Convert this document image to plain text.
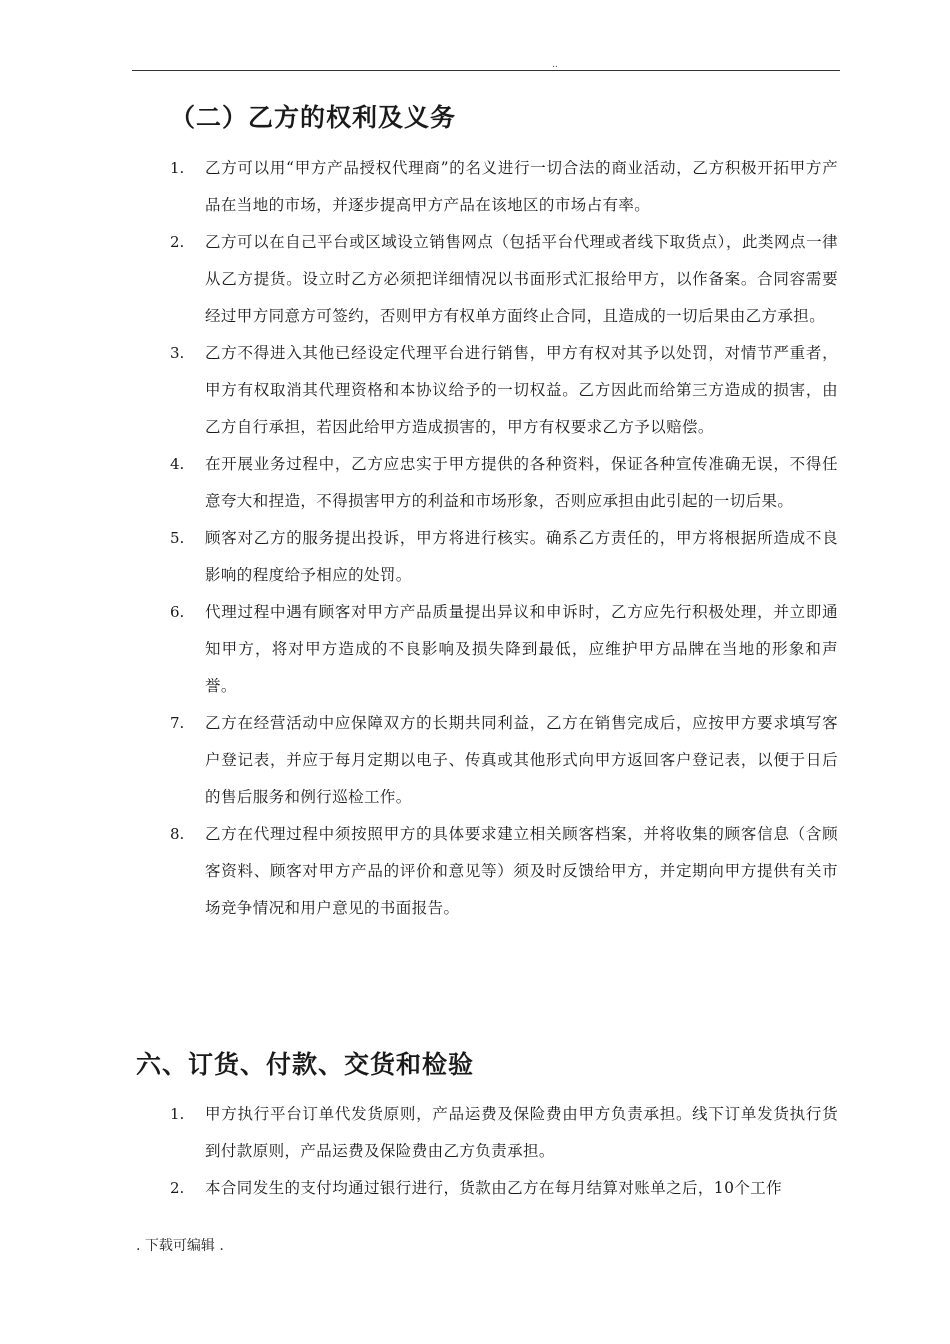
..
（二）乙方的权利及义务
1. 乙方可以用“甲方产品授权代理商”的名义进行一切合法的商业活动，乙方积极开拓甲方产品在当地的市场，并逐步提高甲方产品在该地区的市场占有率。
2. 乙方可以在自己平台或区域设立销售网点（包括平台代理或者线下取货点），此类网点一律从乙方提货。设立时乙方必须把详细情况以书面形式汇报给甲方，以作备案。合同容需要经过甲方同意方可签约，否则甲方有权单方面终止合同，且造成的一切后果由乙方承担。
3. 乙方不得进入其他已经设定代理平台进行销售，甲方有权对其予以处罚，对情节严重者，甲方有权取消其代理资格和本协议给予的一切权益。乙方因此而给第三方造成的损害，由乙方自行承担，若因此给甲方造成损害的，甲方有权要求乙方予以赔偿。
4. 在开展业务过程中，乙方应忠实于甲方提供的各种资料，保证各种宣传准确无误，不得任意夸大和捏造，不得损害甲方的利益和市场形象，否则应承担由此引起的一切后果。
5. 顾客对乙方的服务提出投诉，甲方将进行核实。确系乙方责任的，甲方将根据所造成不良影响的程度给予相应的处罚。
6. 代理过程中遇有顾客对甲方产品质量提出异议和申诉时，乙方应先行积极处理，并立即通知甲方，将对甲方造成的不良影响及损失降到最低，应维护甲方品牌在当地的形象和声誉。
7. 乙方在经营活动中应保障双方的长期共同利益，乙方在销售完成后，应按甲方要求填写客户登记表，并应于每月定期以电子、传真或其他形式向甲方返回客户登记表，以便于日后的售后服务和例行巡检工作。
8. 乙方在代理过程中须按照甲方的具体要求建立相关顾客档案，并将收集的顾客信息（含顾客资料、顾客对甲方产品的评价和意见等）须及时反馈给甲方，并定期向甲方提供有关市场竞争情况和用户意见的书面报告。
六、订货、付款、交货和检验
1. 甲方执行平台订单代发货原则，产品运费及保险费由甲方负责承担。线下订单发货执行货到付款原则，产品运费及保险费由乙方负责承担。
2. 本合同发生的支付均通过银行进行，货款由乙方在每月结算对账单之后，10个工作
. 下载可编辑 .
